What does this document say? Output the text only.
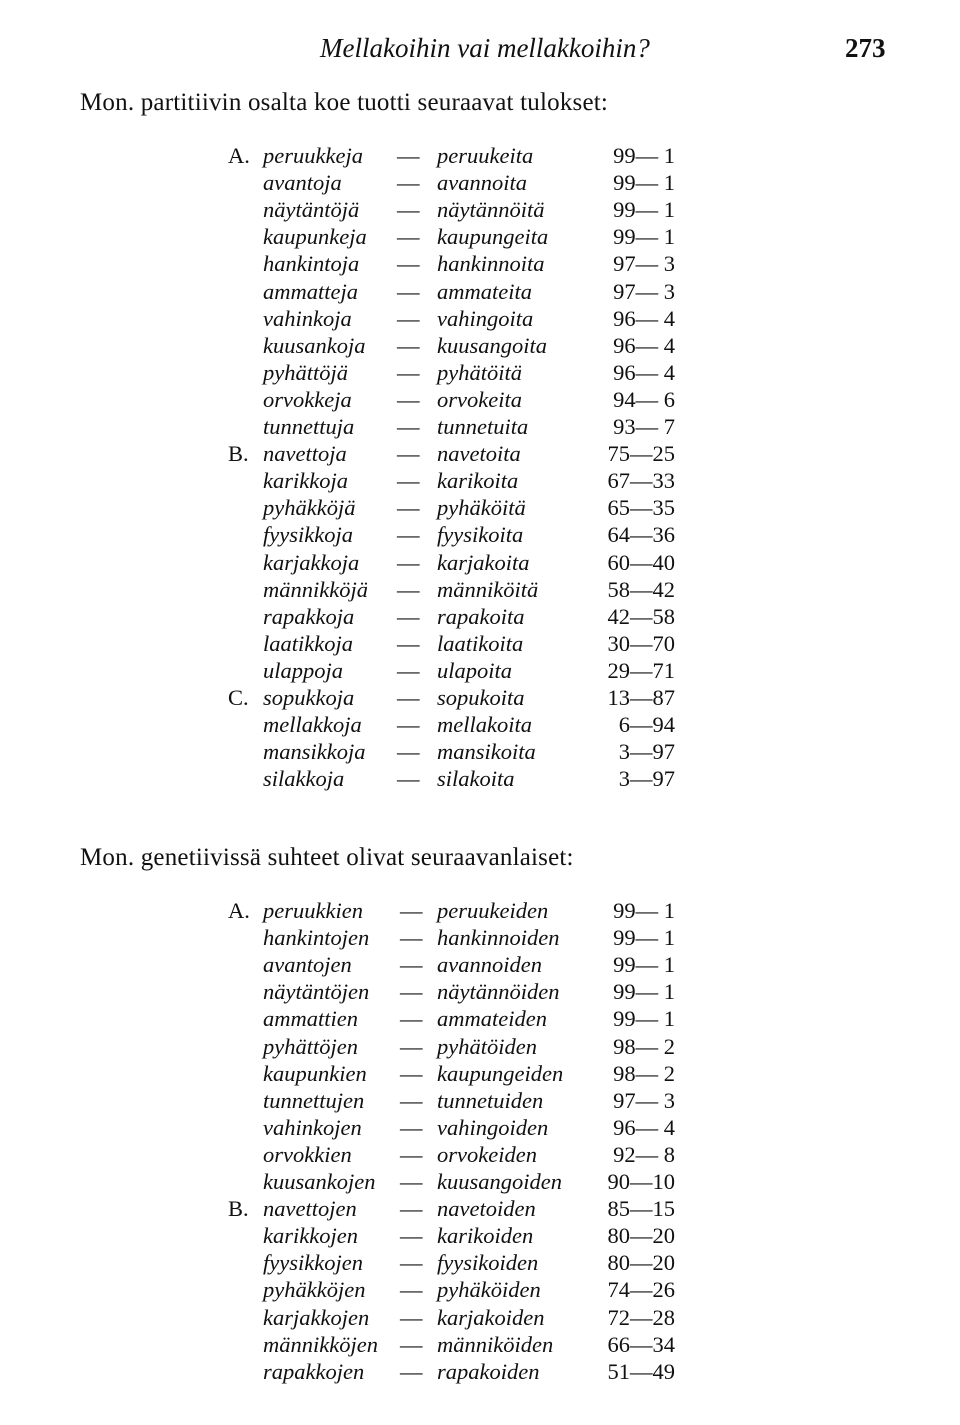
Mellakoihin vai mellakkoihin?	273
Mon. partitiivin osalta koe tuotti seuraavat tulokset:
A. peruukkeja — peruukeita	99— 1
avantoja — avannoita	99— 1
näytäntöjä — näytännöitä	99— 1
kaupunkeja — kaupungeita	99— 1
hankintoja — hankinnoita	97— 3
ammatteja — ammateita	97— 3
vahinkoja — vahingoita	96— 4
kuusankoja — kuusangoita	96— 4
pyhättöjä — pyhätöitä	96— 4
orvokkeja — orvokeita	94— 6
tunnettuja — tunnetuita	93— 7
B. navettoja — navetoita	75—25
karikkoja — karikoita	67—33
pyhäkköjä — pyhäköitä	65—35
fyysikkoja — fyysikoita	64—36
karjakkoja — karjakoita	60—40
männikköjä — männiköitä	58—42
rapakkoja — rapakoita	42—58
laatikkoja — laatikoita	30—70
ulappoja — ulapoita	29—71
C. sopukkoja — sopukoita	13—87
mellakkoja — mellakoita	6—94
mansikkoja — mansikoita	3—97
silakkoja — silakoita	3—97
Mon. genetiivissä suhteet olivat seuraavanlaiset:
A. peruukkien — peruukeiden	99— 1
hankintojen — hankinnoiden	99— 1
avantojen — avannoiden	99— 1
näytäntöjen — näytännöiden	99— 1
ammattien — ammateiden	99— 1
pyhättöjen — pyhätöiden	98— 2
kaupunkien — kaupungeiden	98— 2
tunnettujen — tunnetuiden	97— 3
vahinkojen — vahingoiden	96— 4
orvokkien — orvokeiden	92— 8
kuusankojen — kuusangoiden	90—10
B. navettojen — navetoiden	85—15
karikkojen — karikoiden	80—20
fyysikkojen — fyysikoiden	80—20
pyhäkköjen — pyhäköiden	74—26
karjakkojen — karjakoiden	72—28
männikköjen — männiköiden	66—34
rapakkojen — rapakoiden	51—49
